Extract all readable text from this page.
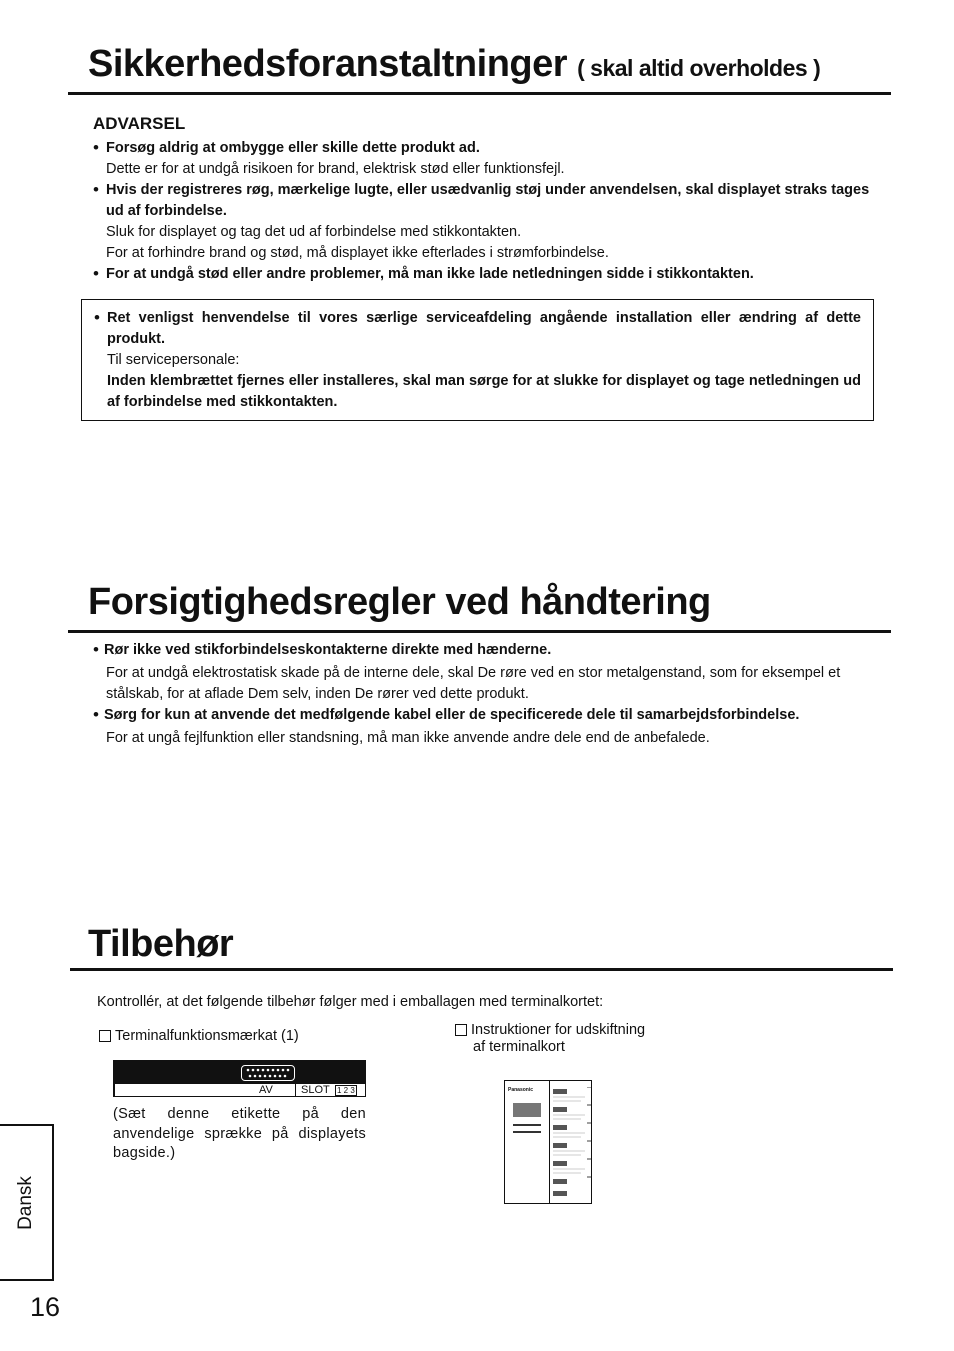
Sikkerhedsforanstaltninger ( skal altid overholdes )
ADVARSEL
• Forsøg aldrig at ombygge eller skille dette produkt ad.
Dette er for at undgå risikoen for brand, elektrisk stød eller funktionsfejl.
• Hvis der registreres røg, mærkelige lugte, eller usædvanlig støj under anvendelsen, skal displayet straks tages ud af forbindelse.
Sluk for displayet og tag det ud af forbindelse med stikkontakten.
For at forhindre brand og stød, må displayet ikke efterlades i strømforbindelse.
• For at undgå stød eller andre problemer, må man ikke lade netledningen sidde i stikkontakten.
• Ret venligst henvendelse til vores særlige serviceafdeling angående installation eller ændring af dette produkt.
Til servicepersonale:
Inden klembrættet fjernes eller installeres, skal man sørge for at slukke for displayet og tage netledningen ud af forbindelse med stikkontakten.
Forsigtighedsregler ved håndtering
• Rør ikke ved stikforbindelseskontakterne direkte med hænderne.
For at undgå elektrostatisk skade på de interne dele, skal De røre ved en stor metalgenstand, som for eksempel et stålskab, for at aflade Dem selv, inden De rører ved dette produkt.
• Sørg for kun at anvende det medfølgende kabel eller de specificerede dele til samarbejdsforbindelse.
For at ungå fejlfunktion eller standsning, må man ikke anvende andre dele end de anbefalede.
Tilbehør
Kontrollér, at det følgende tilbehør følger med i emballagen med terminalkortet:
Terminalfunktionsmærkat (1)
AV	SLOT 1 2 3
(Sæt denne etikette på den anvendelige sprække på displayets bagside.)
Instruktioner for udskiftning
af terminalkort
Panasonic
Dansk
16
